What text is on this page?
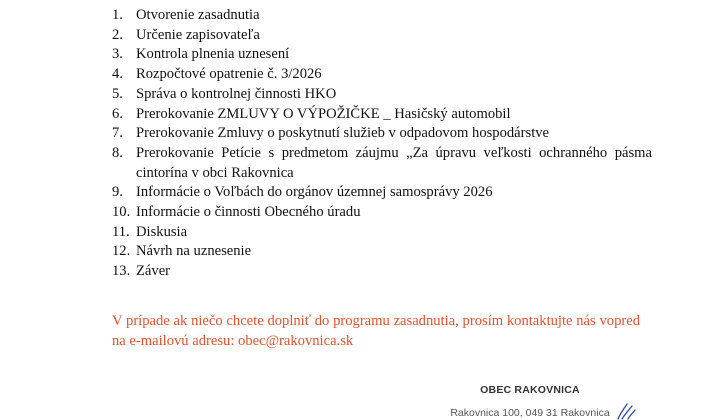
1. Otvorenie zasadnutia
2. Určenie zapisovateľa
3. Kontrola plnenia uznesení
4. Rozpočtové opatrenie č. 3/2026
5. Správa o kontrolnej činnosti HKO
6. Prerokovanie ZMLUVY O VÝPOŽIČKE _ Hasičský automobil
7. Prerokovanie Zmluvy o poskytnutí služieb v odpadovom hospodárstve
8. Prerokovanie Petície s predmetom záujmu „Za úpravu veľkosti ochranného pásma cintorína v obci Rakovnica
9. Informácie o Voľbách do orgánov územnej samosprávy 2026
10. Informácie o činnosti Obecného úradu
11. Diskusia
12. Návrh na uznesenie
13. Záver

V prípade ak niečo chcete doplniť do programu zasadnutia, prosím kontaktujte nás vopred na e-mailovú adresu: obec@rakovnica.sk

OBEC RAKOVNICA
Rakovnica 100, 049 31 Rakovnica
